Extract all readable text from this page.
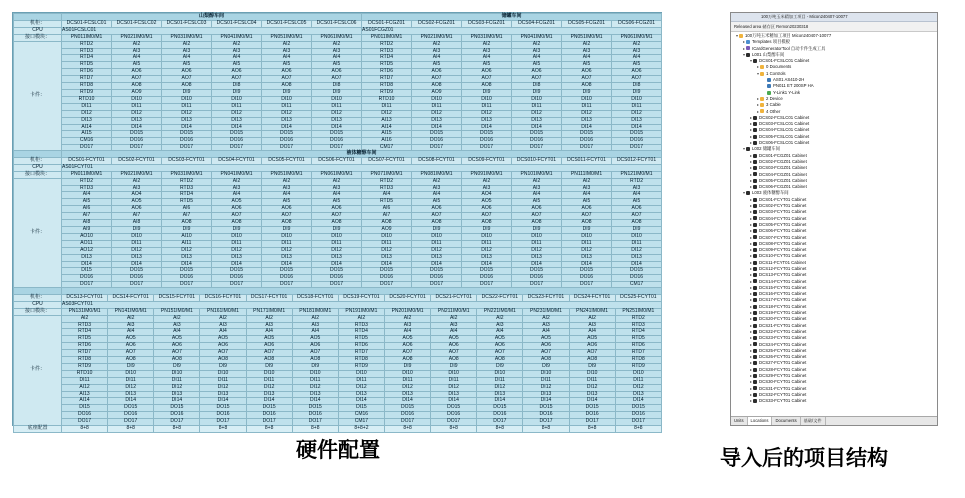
	山梨醇车间						储罐车间					
机柜：	DCS01-FCSLC01	DCS01-FCSLC02	DCS01-FCSLC03	DCS01-FCSLC04	DCS01-FCSLC05	DCS01-FCSLC06	DCS01-FCGZ01	DCS02-FCGZ01	DCS03-FCGZ01	DCS04-FCGZ01	DCS05-FCGZ01	DCS06-FCGZ01
CPU	AS01FCSLC01						AS01FCGZ01					
接口模块：	PN011IM0/M1	PN021IM0/M1	PN031IM0/M1	PN041IM0/M1	PN051IM0/M1	PN061IM0/M1	PN011IM0/M1	PN021IM0/M1	PN031IM0/M1	PN041IM0/M1	PN051IM0/M1	PN061IM0/M1
卡件：	RTD2	AI2	AI2	AI2	AI2	AI2	RTD2	AI2	AI2	AI2	AI2	AI2
	RTD3	AI3	AI3	AI3	AI3	AI3	RTD3	AI3	AI3	AI3	AI3	AI3
	RTD4	AI4	AI4	AI4	AI4	AI4	RTD4	AI4	AI4	AI4	AI4	AI4
	RTD5	AI5	AI5	AI5	AI5	AI5	RTD5	AI5	AI5	AI5	AI5	AI5
	RTD6	AO6	AO6	AO6	AO6	AO6	RTD6	AO6	AO6	AO6	AO6	AO6
	RTD7	AO7	AO7	AO7	AO7	AO7	RTD7	AO7	AO7	AO7	AO7	AO7
	RTD8	AO8	AO8	DI8	AO8	DI8	RTD8	AO8	AO8	DI8	AO8	DI8
	RTD9	AO9	DI9	DI9	DI9	DI9	RTD9	AO9	DI9	DI9	DI9	DI9
	RTD10	DI10	DI10	DI10	DI10	DI10	RTD10	DI10	DI10	DI10	DI10	DI10
	DI11	DI11	DI11	DI11	DI11	DI11	DI11	DI11	DI11	DI11	DI11	DI11
	DI12	DI12	DI12	DI12	DI12	DI12	DI12	DI12	DI12	DI12	DI12	DI12
	DI13	DI13	DI13	DI13	DI13	DI13	AI13	DI13	DI13	DI13	DI13	DI13
	AI14	DI14	DI14	DI14	DI14	DI14	AI14	DI14	DI14	DI14	DI14	DI14
	AI15	DO15	DO15	DO15	DO15	DO15	AI15	DO15	DO15	DO15	DO15	DO15
	CM16	DO16	DO16	DO16	DO16	DO16	AI16	DO16	DO16	DO16	DO16	DO16
	DO17	DO17	DO17	DO17	DO17	DO17	CM17	DO17	DO17	DO17	DO17	DO17

	液体糖醇车间											
机柜：	DCS01-FCYT01	DCS02-FCYT01	DCS03-FCYT01	DCS04-FCYT01	DCS05-FCYT01	DCS06-FCYT01	DCS07-FCYT01	DCS08-FCYT01	DCS09-FCYT01	DCS010-FCYT01	DCS011-FCYT01	DCS012-FCYT01
CPU	AS01FCYT01											
接口模块：	PN011IM0/M1	PN021IM0/M1	PN031IM0/M1	PN041IM0/M1	PN051IM0/M1	PN061IM0/M1	PN071IM0/M1	PN081IM0/M1	PN091IM0/M1	PN101IM0/M1	PN111IM0/M1	PN121IM0/M1
卡件：	RTD2	AI2	RTD2	AI2	AI2	AI2	RTD2	AI2	AI2	AI2	AI2	RTD2
	RTD3	AI3	RTD3	AI3	AI3	AI3	RTD3	AI3	AI3	AI3	AI3	AI3
	AI4	AO4	RTD4	AI4	AI4	AI4	AI4	AI4	AO4	AI4	AI4	AI4
	AI5	AO5	RTD5	AO5	AI5	AI5	RTD5	AI5	AO5	AI5	AI5	AI5
	AI6	AO6	AI6	AO6	AO6	AO6	AI6	AO6	AO6	AO6	AO6	AO6
	AI7	AI7	AI7	AO7	AO7	AO7	AI7	AO7	AO7	AO7	AO7	AO7
	AI8	AI8	AO8	AO8	AO8	AO8	AO8	AO8	AO8	AO8	AO8	AO8
	AI9	DI9	DI9	DI9	DI9	DI9	AO9	DI9	DI9	DI9	DI9	DI9
	AO10	DI10	AI10	DI10	DI10	DI10	DI10	DI10	DI10	DI10	DI10	DI10
	AO11	DI11	AI11	DI11	DI11	DI11	DI11	DI11	DI11	DI11	DI11	DI11
	AO12	DI12	DI12	DI12	DI12	DI12	DI12	DI12	DI12	DI12	DI12	DI12
	DI13	DI13	DI13	DI13	DI13	DI13	DI13	DI13	DI13	DI13	DI13	DI13
	DI14	DI14	DI14	DI14	DI14	DI14	DI14	DI14	DI14	DI14	DI14	DI14
	DI15	DO15	DO15	DO15	DO15	DO15	DO15	DO15	DO15	DO15	DO15	DO15
	DO16	DO16	DO16	DO16	DO16	DO16	DO16	DO16	DO16	DO16	DO16	DO16
	DO17	DO17	DO17	DO17	DO17	DO17	DO17	DO17	DO17	DO17	DO17	CM17

机柜：	DCS13-FCYT01	DCS14-FCYT01	DCS15-FCYT01	DCS16-FCYT01	DCS17-FCYT01	DCS18-FCYT01	DCS19-FCYT01	DCS20-FCYT01	DCS21-FCYT01	DCS22-FCYT01	DCS23-FCYT01	DCS24-FCYT01	DCS25-FCYT01
CPU	AS03FCYT01												
接口模块：	PN131IM0/M1	PN141IM0/M1	PN151IM0/M1	PN161IM0/M1	PN171IM0/M1	PN181IM0/M1	PN191IM0/M1	PN201IM0/M1	PN211IM0/M1	PN221IM0/M1	PN231IM0/M1	PN241IM0/M1	PN251IM0/M1
卡件：	AI2	AI2	AI2	AI2	AI2	AI2	AI2	AI2	AI2	AI2	AI2	AI2	RTD2
	RTD3	AI3	AI3	AI3	AI3	AI3	RTD3	AI3	AI3	AI3	AI3	AI3	RTD3
	RTD4	AI4	AI4	AI4	AI4	AI4	RTD4	AI4	AI4	AI4	AI4	AI4	RTD4
	RTD5	AO5	AO5	AO5	AO5	AO5	RTD5	AO5	AO5	AO5	AO5	AO5	RTD5
	RTD6	AO6	AO6	AO6	AO6	AO6	RTD6	AO6	AO6	AO6	AO6	AO6	RTD6
	RTD7	AO7	AO7	AO7	AO7	AO7	RTD7	AO7	AO7	AO7	AO7	AO7	RTD7
	RTD8	AO8	AO8	AO8	AO8	AO8	RTD8	AO8	AO8	AO8	AO8	AO8	RTD8
	RTD9	DI9	DI9	DI9	DI9	DI9	RTD9	DI9	DI9	DI9	DI9	DI9	RTD9
	RTD10	DI10	DI10	DI10	DI10	DI10	DI10	DI10	DI10	DI10	DI10	DI10	DI10
	DI11	DI11	DI11	DI11	DI11	DI11	DI11	DI11	DI11	DI11	DI11	DI11	DI11
	AI12	DI12	DI12	DI12	DI12	DI12	DI12	DI12	DI12	DI12	DI12	DI12	DI12
	AI13	DI13	DI13	DI13	DI13	DI13	DI13	DI13	DI13	DI13	DI13	DI13	DI13
	AI14	DI14	DI14	DI14	DI14	DI14	DI14	DI14	DI14	DI14	DI14	DI14	DI14
	DI15	DO15	DO15	DO15	DO15	DO15	DI15	DO15	DO15	DO15	DO15	DO15	DO15
	DO16	DO16	DO16	DO16	DO16	DO16	CM16	DO16	DO16	DO16	DO16	DO16	DO16
	DO17	DO17	DO17	DO17	DO17	DO17	CM17	DO17	DO17	DO17	DO17	DO17	DO17
底座配置	8+8	8+8	8+8	8+8	8+8	8+8	8+8+2	8+8	8+8	8+8	8+8	8+8	8+8
硬件配置
100万吨玉米精加工项目 - Micon240407-10077
Released area 储存区 Remon20230318
▾ 100万吨玉米精加工项目 Micon240407-10077
▸ Templates 项目模板
▸ ICardGeneratorTool 自动卡件生成工具
▾ L001 山梨醇车间
▾ DCS01-FCSLC01 Cabinet
▸ 0 Documents
▾ 1 Controls
AS01 AS410-2H
PN011 ET 200SP HA
Y-Link1 Y-Link
▸ 2 Device
▸ 3 Cable
▸ 4 Other
▸ DCS02-FCSLC01 Cabinet
▸ DCS03-FCSLC01 Cabinet
▸ DCS04-FCSLC01 Cabinet
▸ DCS05-FCSLC01 Cabinet
▸ DCS06-FCSLC01 Cabinet
▾ L002 储罐车间
▸ DCS01-FCGZ01 Cabinet
▸ DCS02-FCGZ01 Cabinet
▸ DCS03-FCGZ01 Cabinet
▸ DCS04-FCGZ01 Cabinet
▸ DCS05-FCGZ01 Cabinet
▸ DCS06-FCGZ01 Cabinet
▾ L003 液体糖醇车间
▸ DCS01-FCYT01 Cabinet
▸ DCS02-FCYT01 Cabinet
▸ DCS03-FCYT01 Cabinet
▸ DCS04-FCYT01 Cabinet
▸ DCS05-FCYT01 Cabinet
▸ DCS06-FCYT01 Cabinet
▸ DCS07-FCYT01 Cabinet
▸ DCS08-FCYT01 Cabinet
▸ DCS09-FCYT01 Cabinet
▸ DCS10-FCYT01 Cabinet
▸ DCS11-FCYT01 Cabinet
▸ DCS12-FCYT01 Cabinet
▸ DCS13-FCYT01 Cabinet
▸ DCS14-FCYT01 Cabinet
▸ DCS15-FCYT01 Cabinet
▸ DCS16-FCYT01 Cabinet
▸ DCS17-FCYT01 Cabinet
▸ DCS18-FCYT01 Cabinet
▸ DCS19-FCYT01 Cabinet
▸ DCS20-FCYT01 Cabinet
▸ DCS21-FCYT01 Cabinet
▸ DCS22-FCYT01 Cabinet
▸ DCS23-FCYT01 Cabinet
▸ DCS24-FCYT01 Cabinet
▸ DCS25-FCYT01 Cabinet
▸ DCS26-FCYT01 Cabinet
▸ DCS27-FCYT01 Cabinet
▸ DCS28-FCYT01 Cabinet
▸ DCS29-FCYT01 Cabinet
▸ DCS30-FCYT01 Cabinet
▸ DCS31-FCYT01 Cabinet
▸ DCS32-FCYT01 Cabinet
▸ DCS33-FCYT01 Cabinet
Units	Locations	Documents	基础/文件
导入后的项目结构
